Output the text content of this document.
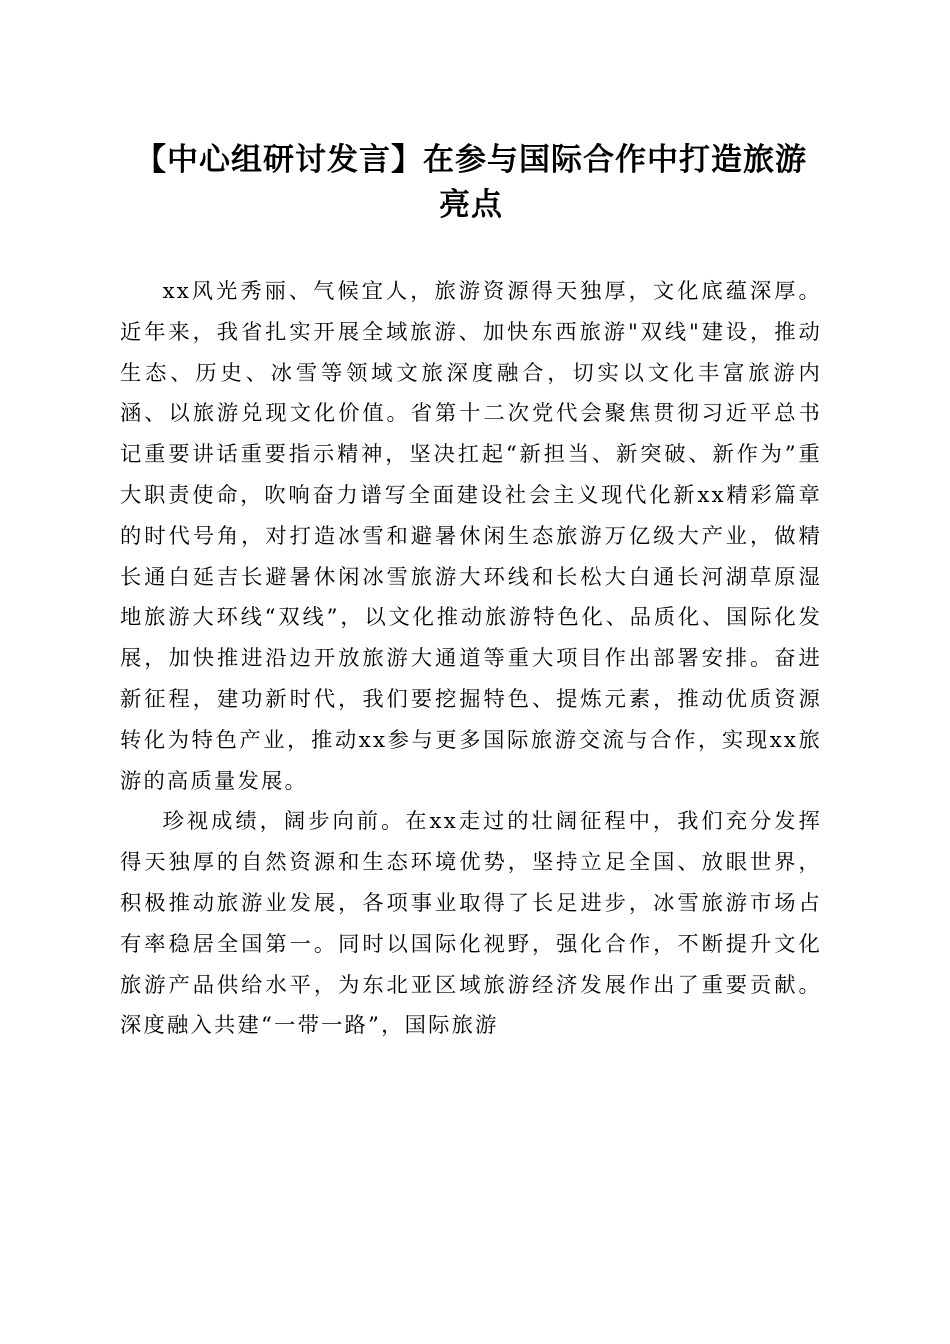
【中心组研讨发言】在参与国际合作中打造旅游亮点

xx风光秀丽、气候宜人，旅游资源得天独厚，文化底蕴深厚。近年来，我省扎实开展全域旅游、加快东西旅游"双线"建设，推动生态、历史、冰雪等领域文旅深度融合，切实以文化丰富旅游内涵、以旅游兑现文化价值。省第十二次党代会聚焦贯彻习近平总书记重要讲话重要指示精神，坚决扛起“新担当、新突破、新作为”重大职责使命，吹响奋力谱写全面建设社会主义现代化新xx精彩篇章的时代号角，对打造冰雪和避暑休闲生态旅游万亿级大产业，做精长通白延吉长避暑休闲冰雪旅游大环线和长松大白通长河湖草原湿地旅游大环线“双线”，以文化推动旅游特色化、品质化、国际化发展，加快推进沿边开放旅游大通道等重大项目作出部署安排。奋进新征程，建功新时代，我们要挖掘特色、提炼元素，推动优质资源转化为特色产业，推动xx参与更多国际旅游交流与合作，实现xx旅游的高质量发展。

珍视成绩，阔步向前。在xx走过的壮阔征程中，我们充分发挥得天独厚的自然资源和生态环境优势，坚持立足全国、放眼世界，积极推动旅游业发展，各项事业取得了长足进步，冰雪旅游市场占有率稳居全国第一。同时以国际化视野，强化合作，不断提升文化旅游产品供给水平，为东北亚区域旅游经济发展作出了重要贡献。深度融入共建“一带一路”，国际旅游
